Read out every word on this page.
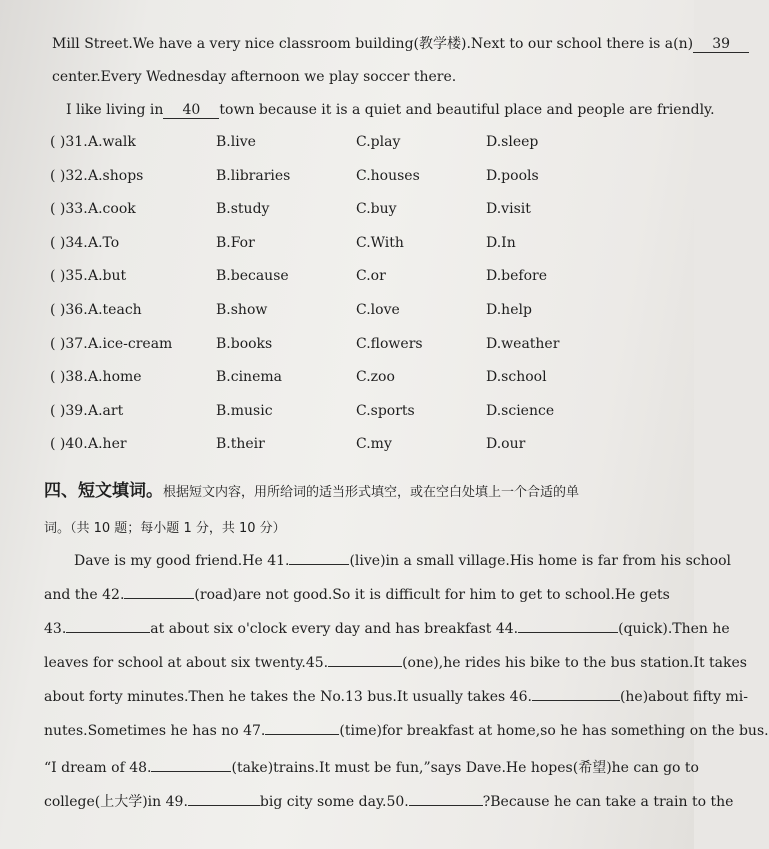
Mill Street.We have a very nice classroom building(教学楼).Next to our school there is a(n) 39
center.Every Wednesday afternoon we play soccer there.
I like living in 40 town because it is a quiet and beautiful place and people are friendly.
( )31. A.walk	B.live	C.play	D.sleep
( )32. A.shops	B.libraries	C.houses	D.pools
( )33. A.cook	B.study	C.buy	D.visit
( )34. A.To	B.For	C.With	D.In
( )35. A.but	B.because	C.or	D.before
( )36. A.teach	B.show	C.love	D.help
( )37. A.ice-cream	B.books	C.flowers	D.weather
( )38. A.home	B.cinema	C.zoo	D.school
( )39. A.art	B.music	C.sports	D.science
( )40. A.her	B.their	C.my	D.our
四、短文填词。根据短文内容，用所给词的适当形式填空，或在空白处填上一个合适的单
词。（共 10 题；每小题 1 分，共 10 分）
Dave is my good friend.He 41.	(live)in a small village.His home is far from his school
and the 42.	(road)are not good.So it is difficult for him to get to school.He gets
43.	at about six o'clock every day and has breakfast 44.	(quick).Then he
leaves for school at about six twenty.45.	(one),he rides his bike to the bus station.It takes
about forty minutes.Then he takes the No.13 bus.It usually takes 46.	(he)about fifty mi-
nutes.Sometimes he has no 47.	(time)for breakfast at home,so he has something on the bus.
“I dream of 48.	(take)trains.It must be fun,”says Dave.He hopes(希望)he can go to
college(上大学)in 49.	big city some day.50.	?Because he can take a train to the
